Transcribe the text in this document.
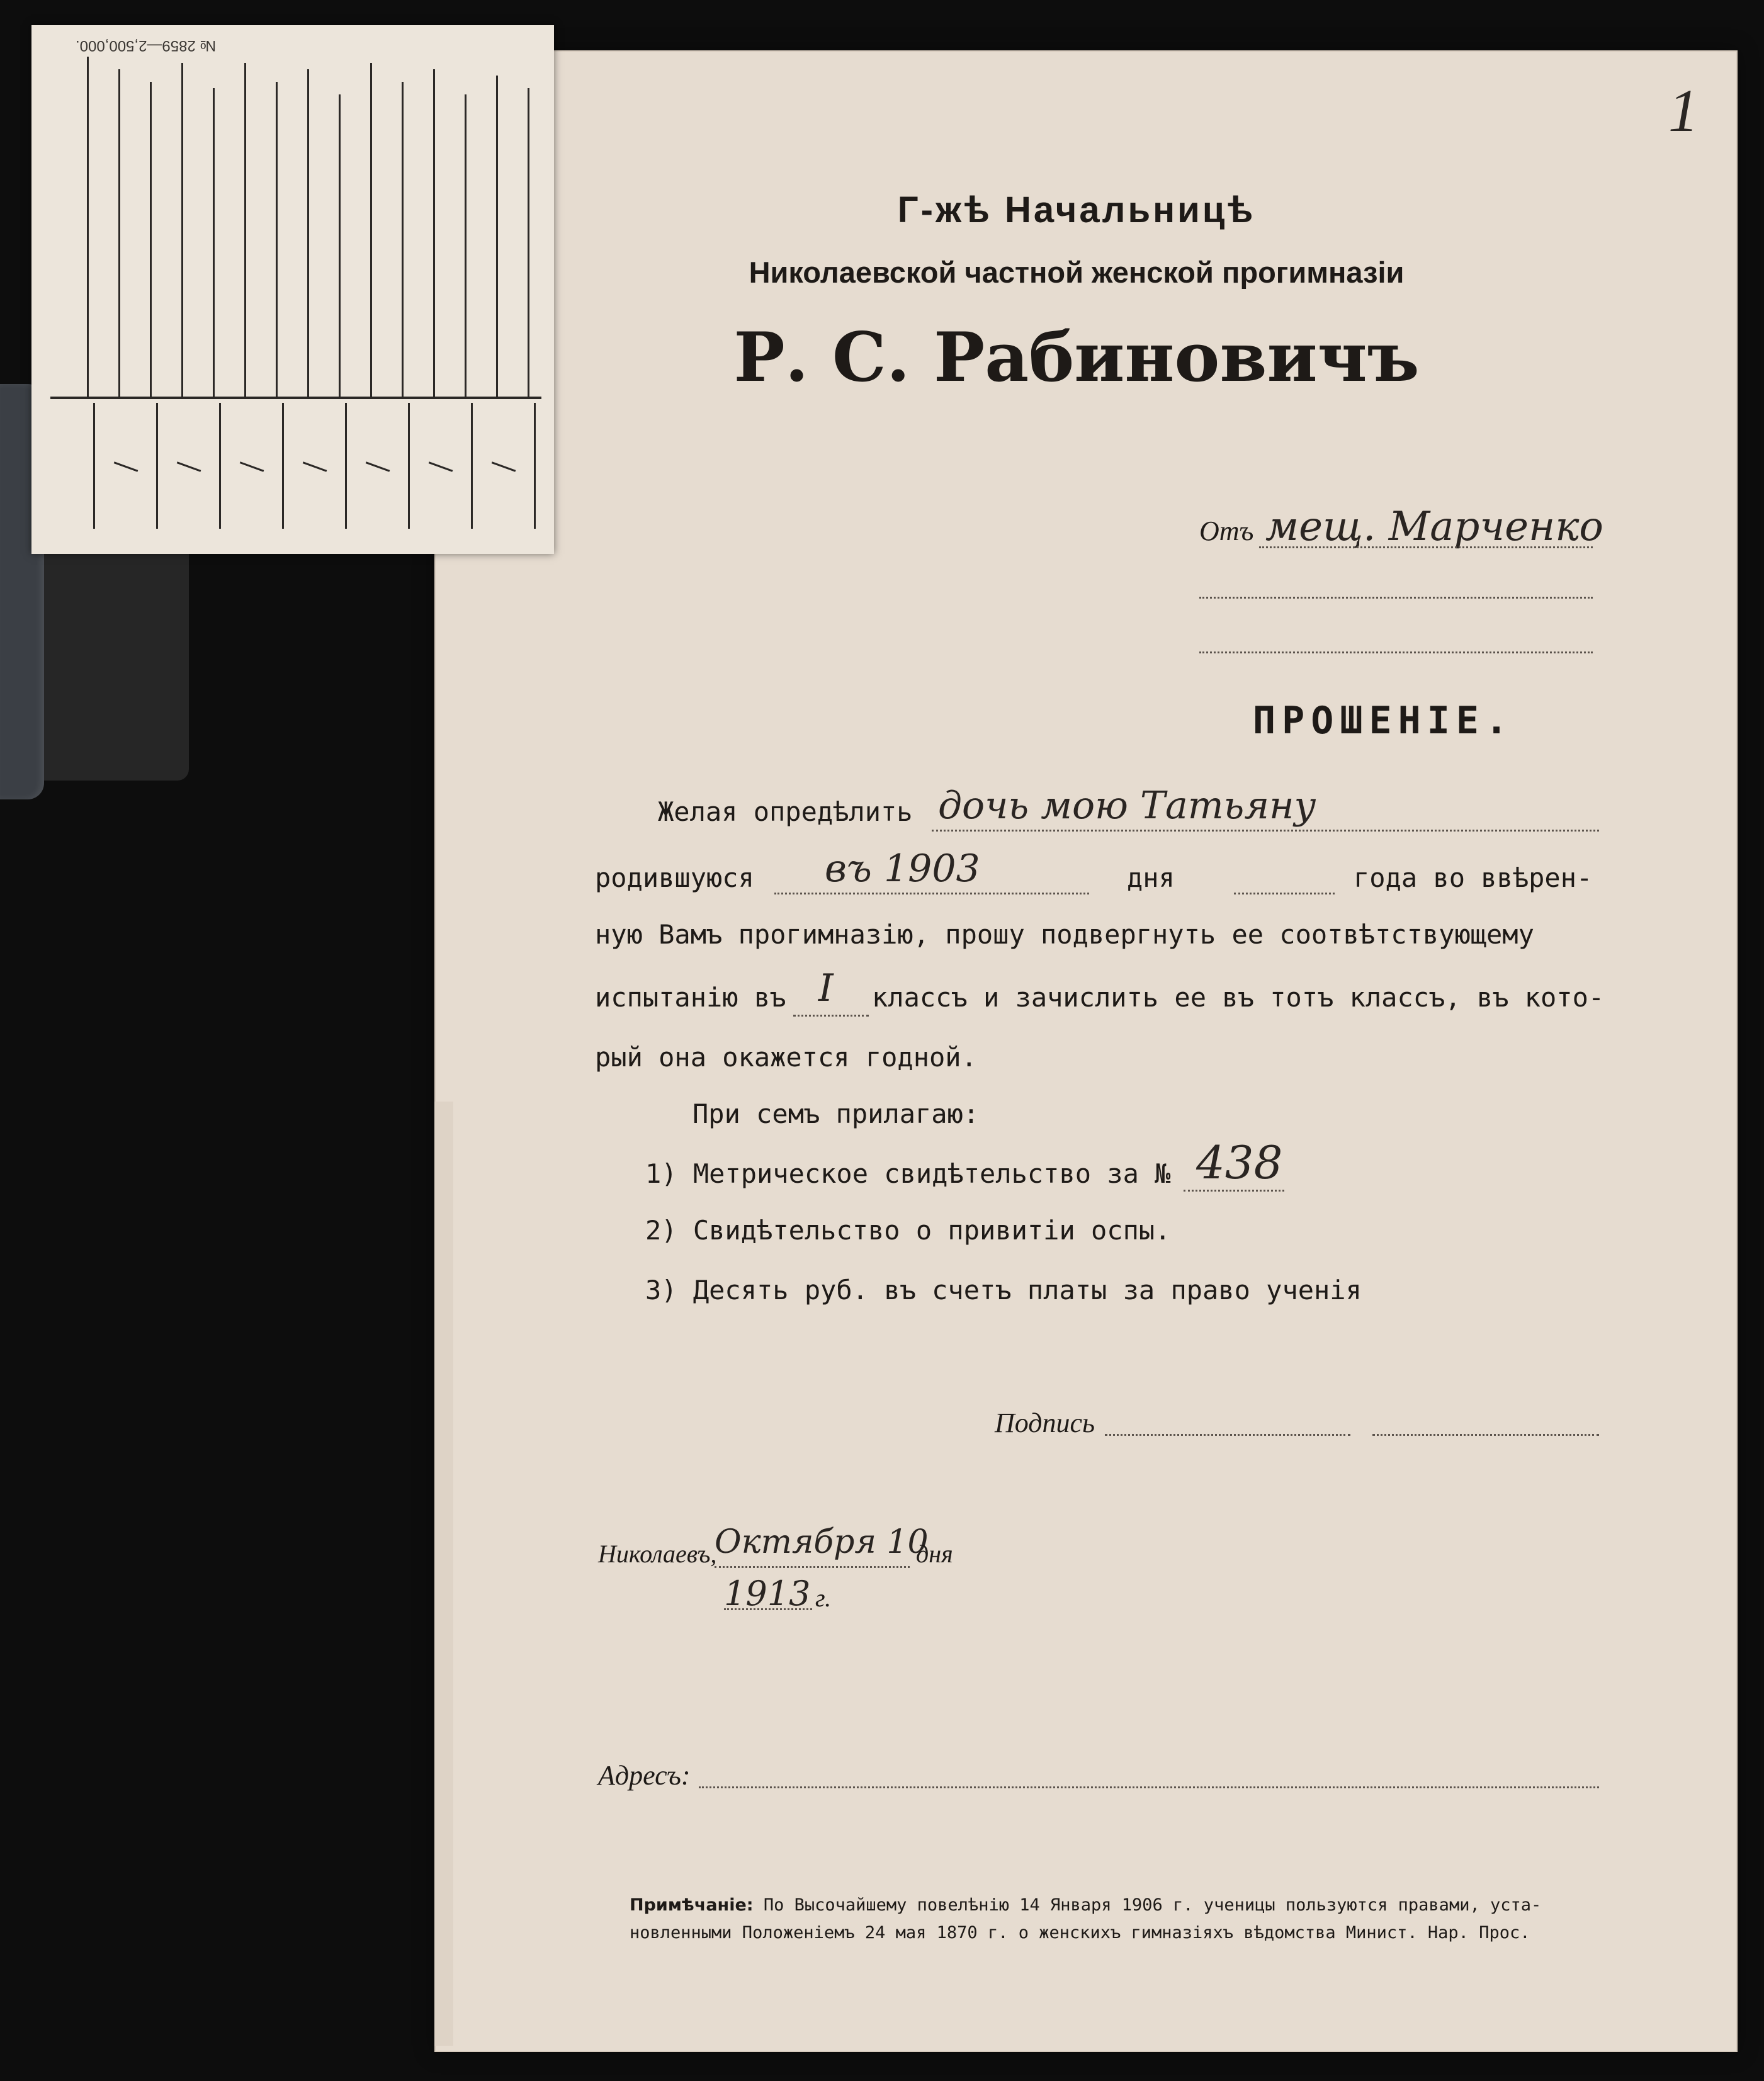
№ 2859—2,500,000.
1
Г-жѣ Начальницѣ
Николаевской частной женской прогимназіи
Р. С. Рабиновичъ
Отъ мещ. Марченко
ПРОШЕНІЕ.
Желая опредѣлить дочь мою Татьяну
родившуюся въ 1903	дня	года во ввѣрен-
ную Вамъ прогимназію, прошу подвергнуть ее соотвѣтствующему
испытанію въ I классъ и зачислить ее въ тотъ классъ, въ кото-
рый она окажется годной.
При семъ прилагаю:
1) Метрическое свидѣтельство за № 438
2) Свидѣтельство о привитіи оспы.
3) Десять руб. въ счетъ платы за право ученія
Подпись
Николаевъ,
Октября 10
дня
1913 г.
Адресъ:
Примѣчаніе: По Высочайшему повелѣнію 14 Января 1906 г. ученицы пользуются правами, уста-
новленными Положеніемъ 24 мая 1870 г. о женскихъ гимназіяхъ вѣдомства Минист. Нар. Прос.
